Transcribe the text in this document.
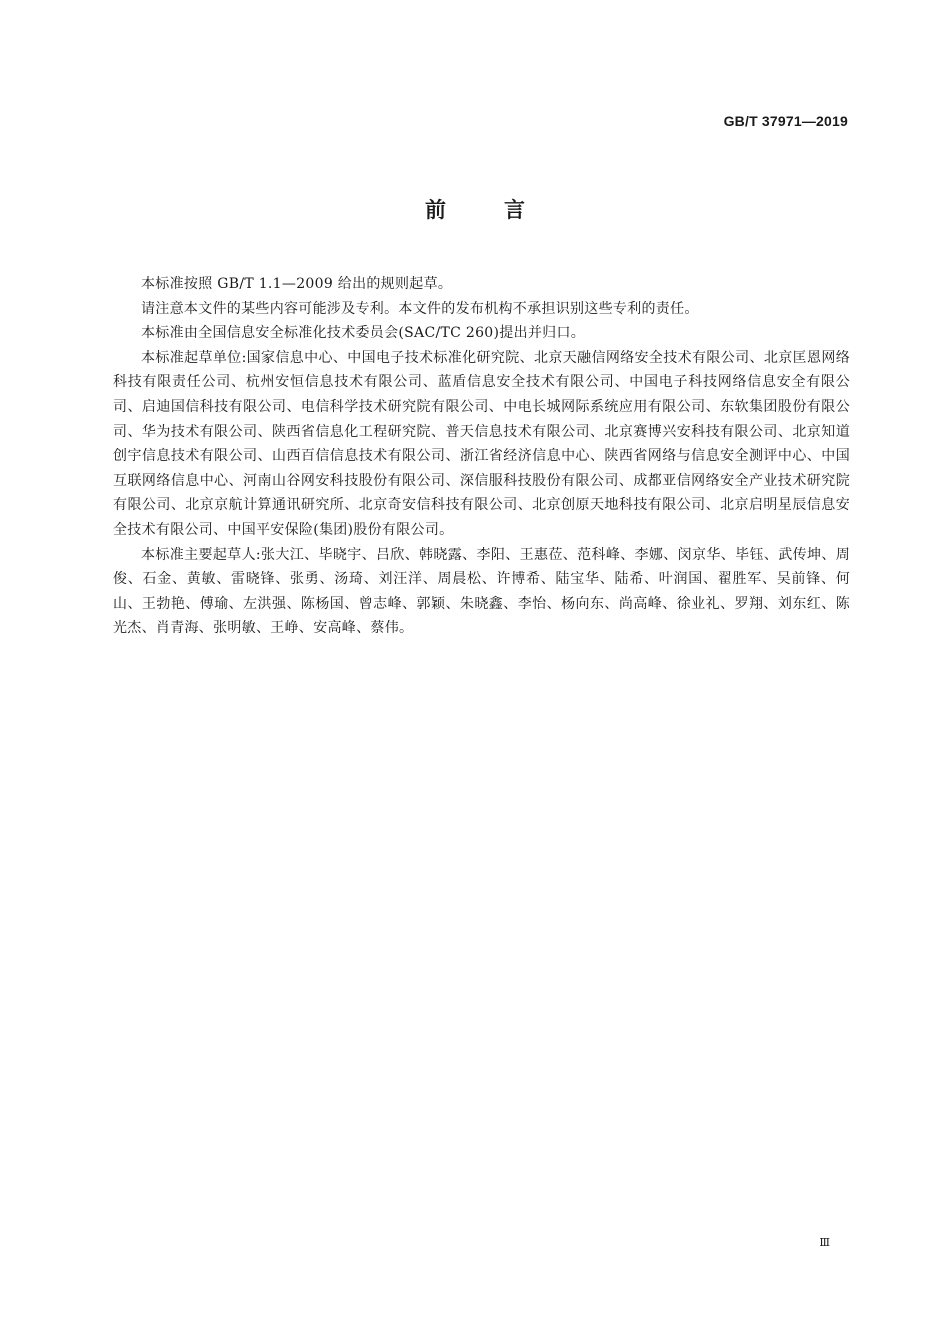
GB/T 37971—2019
前言

本标准按照 GB/T 1.1—2009 给出的规则起草。

请注意本文件的某些内容可能涉及专利。本文件的发布机构不承担识别这些专利的责任。

本标准由全国信息安全标准化技术委员会(SAC/TC 260)提出并归口。

本标准起草单位:国家信息中心、中国电子技术标准化研究院、北京天融信网络安全技术有限公司、北京匡恩网络科技有限责任公司、杭州安恒信息技术有限公司、蓝盾信息安全技术有限公司、中国电子科技网络信息安全有限公司、启迪国信科技有限公司、电信科学技术研究院有限公司、中电长城网际系统应用有限公司、东软集团股份有限公司、华为技术有限公司、陕西省信息化工程研究院、普天信息技术有限公司、北京赛博兴安科技有限公司、北京知道创宇信息技术有限公司、山西百信信息技术有限公司、浙江省经济信息中心、陕西省网络与信息安全测评中心、中国互联网络信息中心、河南山谷网安科技股份有限公司、深信服科技股份有限公司、成都亚信网络安全产业技术研究院有限公司、北京京航计算通讯研究所、北京奇安信科技有限公司、北京创原天地科技有限公司、北京启明星辰信息安全技术有限公司、中国平安保险(集团)股份有限公司。

本标准主要起草人:张大江、毕晓宇、吕欣、韩晓露、李阳、王惠莅、范科峰、李娜、闵京华、毕钰、武传坤、周俊、石金、黄敏、雷晓锋、张勇、汤琦、刘汪洋、周晨松、许博希、陆宝华、陆希、叶润国、翟胜军、吴前锋、何山、王勃艳、傅瑜、左洪强、陈杨国、曾志峰、郭颖、朱晓鑫、李怡、杨向东、尚高峰、徐业礼、罗翔、刘东红、陈光杰、肖青海、张明敏、王峥、安高峰、蔡伟。

Ⅲ
